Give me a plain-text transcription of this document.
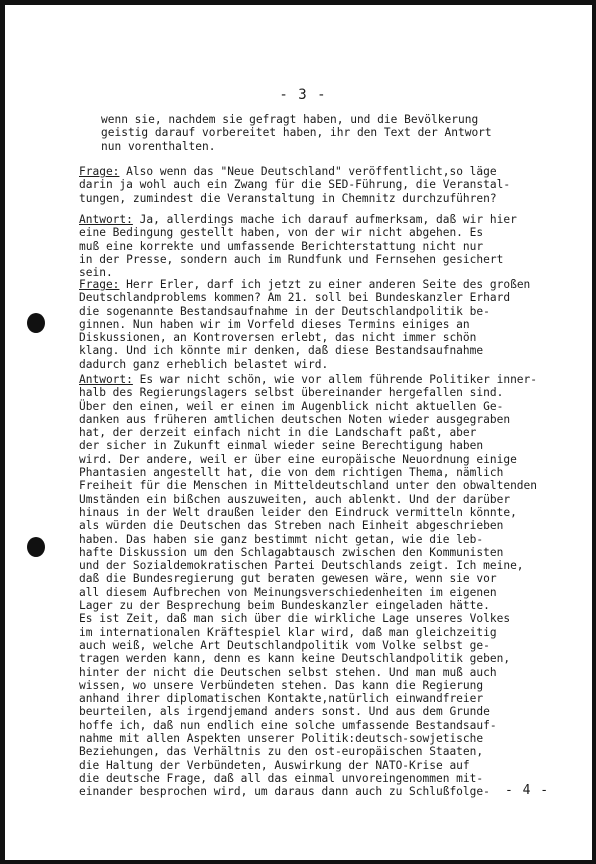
- 3 -
wenn sie, nachdem sie gefragt haben, und die Bevölkerung
geistig darauf vorbereitet haben, ihr den Text der Antwort
nun vorenthalten.
Frage: Also wenn das "Neue Deutschland" veröffentlicht,so läge
darin ja wohl auch ein Zwang für die SED-Führung, die Veranstal-
tungen, zumindest die Veranstaltung in Chemnitz durchzuführen?
Antwort: Ja, allerdings mache ich darauf aufmerksam, daß wir hier
eine Bedingung gestellt haben, von der wir nicht abgehen. Es
muß eine korrekte und umfassende Berichterstattung nicht nur
in der Presse, sondern auch im Rundfunk und Fernsehen gesichert
sein.
Frage: Herr Erler, darf ich jetzt zu einer anderen Seite des großen
Deutschlandproblems kommen? Am 21. soll bei Bundeskanzler Erhard
die sogenannte Bestandsaufnahme in der Deutschlandpolitik be-
ginnen. Nun haben wir im Vorfeld dieses Termins einiges an
Diskussionen, an Kontroversen erlebt, das nicht immer schön
klang. Und ich könnte mir denken, daß diese Bestandsaufnahme
dadurch ganz erheblich belastet wird.
Antwort: Es war nicht schön, wie vor allem führende Politiker inner-
halb des Regierungslagers selbst übereinander hergefallen sind.
Über den einen, weil er einen im Augenblick nicht aktuellen Ge-
danken aus früheren amtlichen deutschen Noten wieder ausgegraben
hat, der derzeit einfach nicht in die Landschaft paßt, aber
der sicher in Zukunft einmal wieder seine Berechtigung haben
wird. Der andere, weil er über eine europäische Neuordnung einige
Phantasien angestellt hat, die von dem richtigen Thema, nämlich
Freiheit für die Menschen in Mitteldeutschland unter den obwaltenden
Umständen ein bißchen auszuweiten, auch ablenkt. Und der darüber
hinaus in der Welt draußen leider den Eindruck vermitteln könnte,
als würden die Deutschen das Streben nach Einheit abgeschrieben
haben. Das haben sie ganz bestimmt nicht getan, wie die leb-
hafte Diskussion um den Schlagabtausch zwischen den Kommunisten
und der Sozialdemokratischen Partei Deutschlands zeigt. Ich meine,
daß die Bundesregierung gut beraten gewesen wäre, wenn sie vor
all diesem Aufbrechen von Meinungsverschiedenheiten im eigenen
Lager zu der Besprechung beim Bundeskanzler eingeladen hätte.
Es ist Zeit, daß man sich über die wirkliche Lage unseres Volkes
im internationalen Kräftespiel klar wird, daß man gleichzeitig
auch weiß, welche Art Deutschlandpolitik vom Volke selbst ge-
tragen werden kann, denn es kann keine Deutschlandpolitik geben,
hinter der nicht die Deutschen selbst stehen. Und man muß auch
wissen, wo unsere Verbündeten stehen. Das kann die Regierung
anhand ihrer diplomatischen Kontakte,natürlich einwandfreier
beurteilen, als irgendjemand anders sonst. Und aus dem Grunde
hoffe ich, daß nun endlich eine solche umfassende Bestandsauf-
nahme mit allen Aspekten unserer Politik:deutsch-sowjetische
Beziehungen, das Verhältnis zu den ost-europäischen Staaten,
die Haltung der Verbündeten, Auswirkung der NATO-Krise auf
die deutsche Frage, daß all das einmal unvoreingenommen mit-
einander besprochen wird, um daraus dann auch zu Schlußfolge-	- 4 -
